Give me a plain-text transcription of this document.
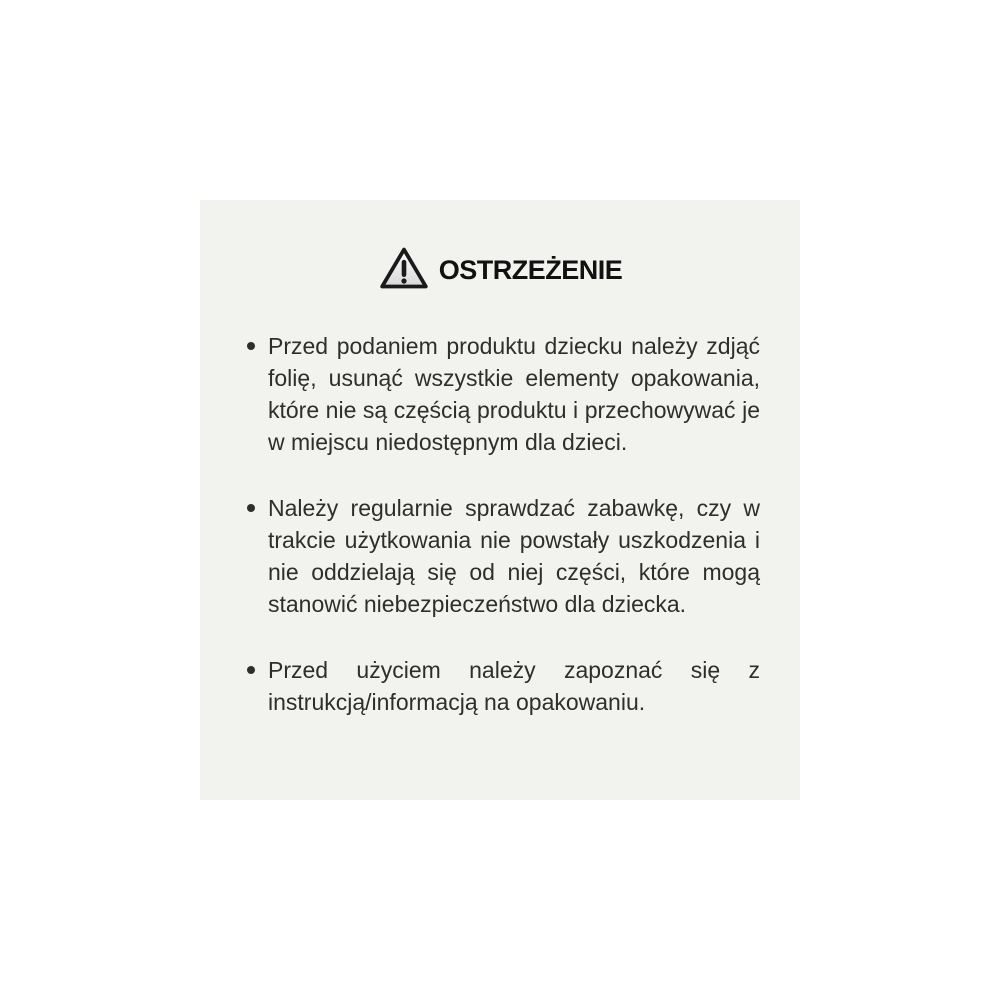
OSTRZEŻENIE
Przed podaniem produktu dziecku należy zdjąć folię, usunąć wszystkie elementy opakowania, które nie są częścią produktu i przechowywać je w miejscu niedostępnym dla dzieci.
Należy regularnie sprawdzać zabawkę, czy w trakcie użytkowania nie powstały uszkodzenia i nie oddzielają się od niej części, które mogą stanowić niebezpieczeństwo dla dziecka.
Przed użyciem należy zapoznać się z instrukcją/informacją na opakowaniu.
